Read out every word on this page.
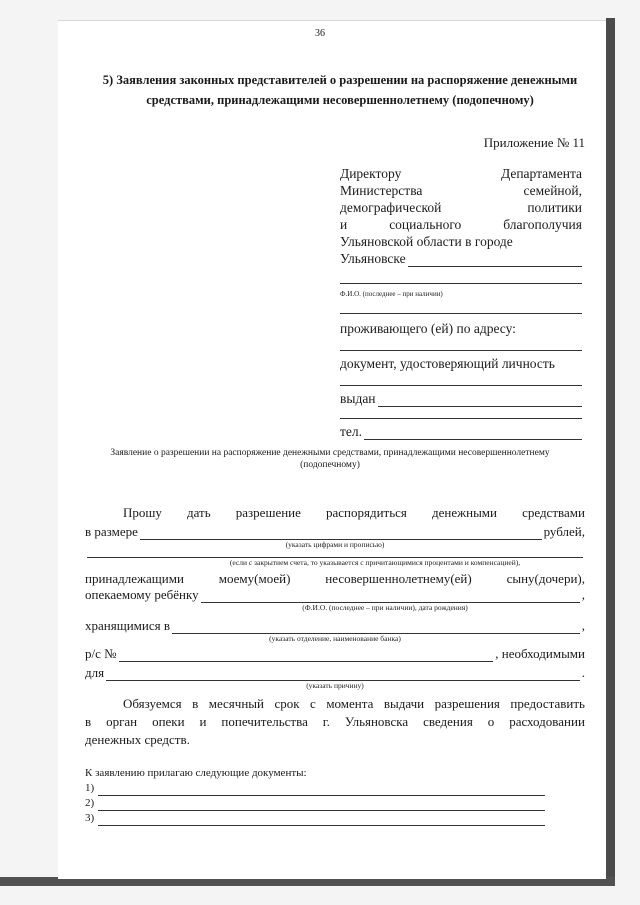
36
5) Заявления законных представителей о разрешении на распоряжение денежными средствами, принадлежащими несовершеннолетнему (подопечному)
Приложение № 11
Директору	Департамента
Министерства	семейной,
демографической	политики
и	социального	благополучия
Ульяновской области в городе
Ульяновске
Ф.И.О. (последнее – при наличии)
проживающего (ей) по адресу:
документ, удостоверяющий личность
выдан
тел.
Заявление о разрешении на распоряжение денежными средствами, принадлежащими несовершеннолетнему (подопечному)
Прошу дать разрешение распорядиться денежными средствами
в размере	рублей,
(указать цифрами и прописью)
(если с закрытием счета, то указывается с причитающимися процентами и компенсацией),
принадлежащими	моему(моей)	несовершеннолетнему(ей)	сыну(дочери),
опекаемому ребёнку	,
(Ф.И.О. (последнее – при наличии), дата рождения)
хранящимися в	,
(указать отделение, наименование банка)
р/с №	, необходимыми
для	.
(указать причину)
Обязуемся в месячный срок с момента выдачи разрешения предоставить
в орган опеки и попечительства г. Ульяновска сведения о расходовании
денежных средств.
К заявлению прилагаю следующие документы:
1)
2)
3)
